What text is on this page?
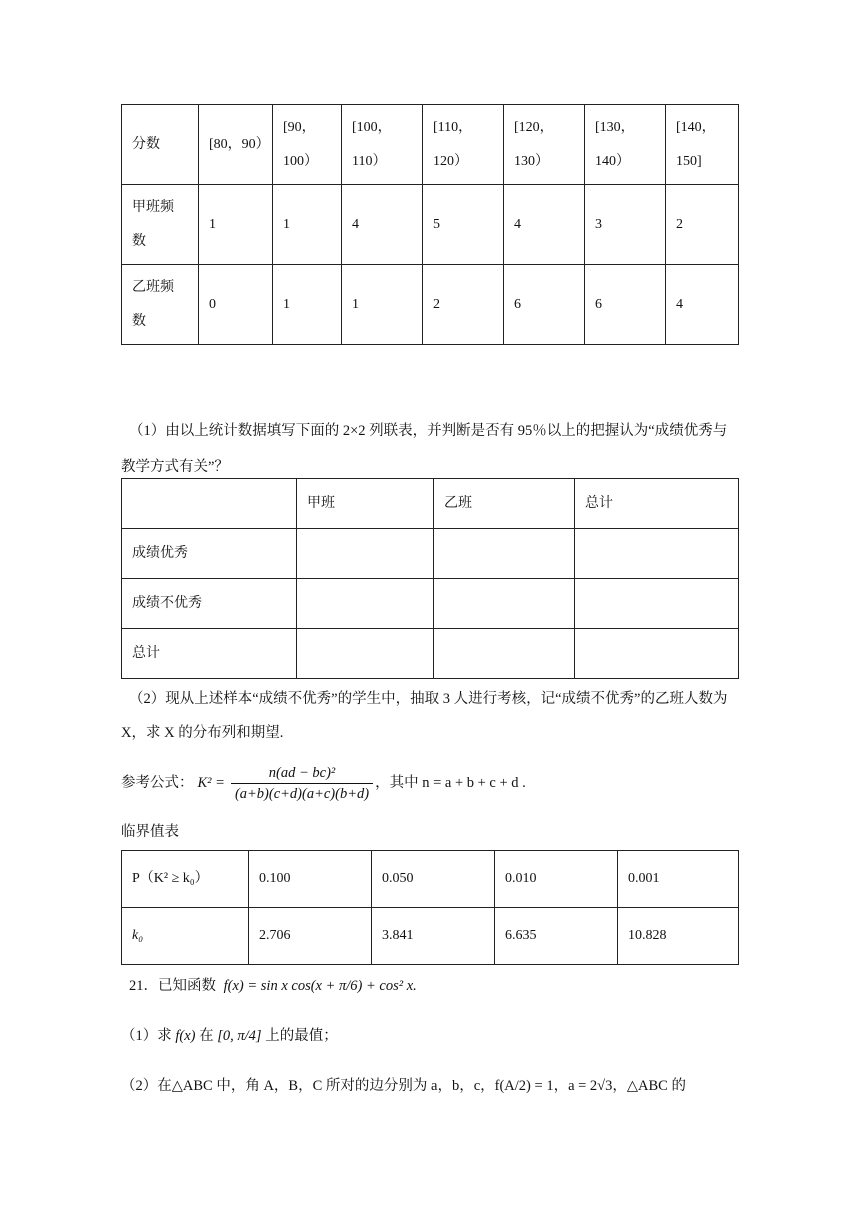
分数	[80，90）	[90，100）	[100，110）	[110，120）	[120，130）	[130，140）	[140，150]
甲班频数	1	1	4	5	4	3	2
乙班频数	0	1	1	2	6	6	4
（1）由以上统计数据填写下面的 2×2 列联表，并判断是否有 95％以上的把握认为“成绩优秀与教学方式有关”？
	甲班	乙班	总计
成绩优秀			
成绩不优秀			
总计			
（2）现从上述样本“成绩不优秀”的学生中，抽取 3 人进行考核，记“成绩不优秀”的乙班人数为 X，求 X 的分布列和期望.
参考公式： $K^2 = \frac{\text{n(ad − bc)²}}{(a+b)(c+d)(a+c)(b+d)}$ ，其中 n = a + b + c + d .
临界值表
P（K² ≥ k₀）	0.100	0.050	0.010	0.001
k₀	2.706	3.841	6.635	10.828
21．已知函数 f(x) = sin x cos(x + π/6) + cos² x.
（1）求 f(x) 在 [0, π/4] 上的最值；
（2）在△ABC 中，角 A，B，C 所对的边分别为 a，b，c，f(A/2) = 1，a = 2√3，△ABC 的
